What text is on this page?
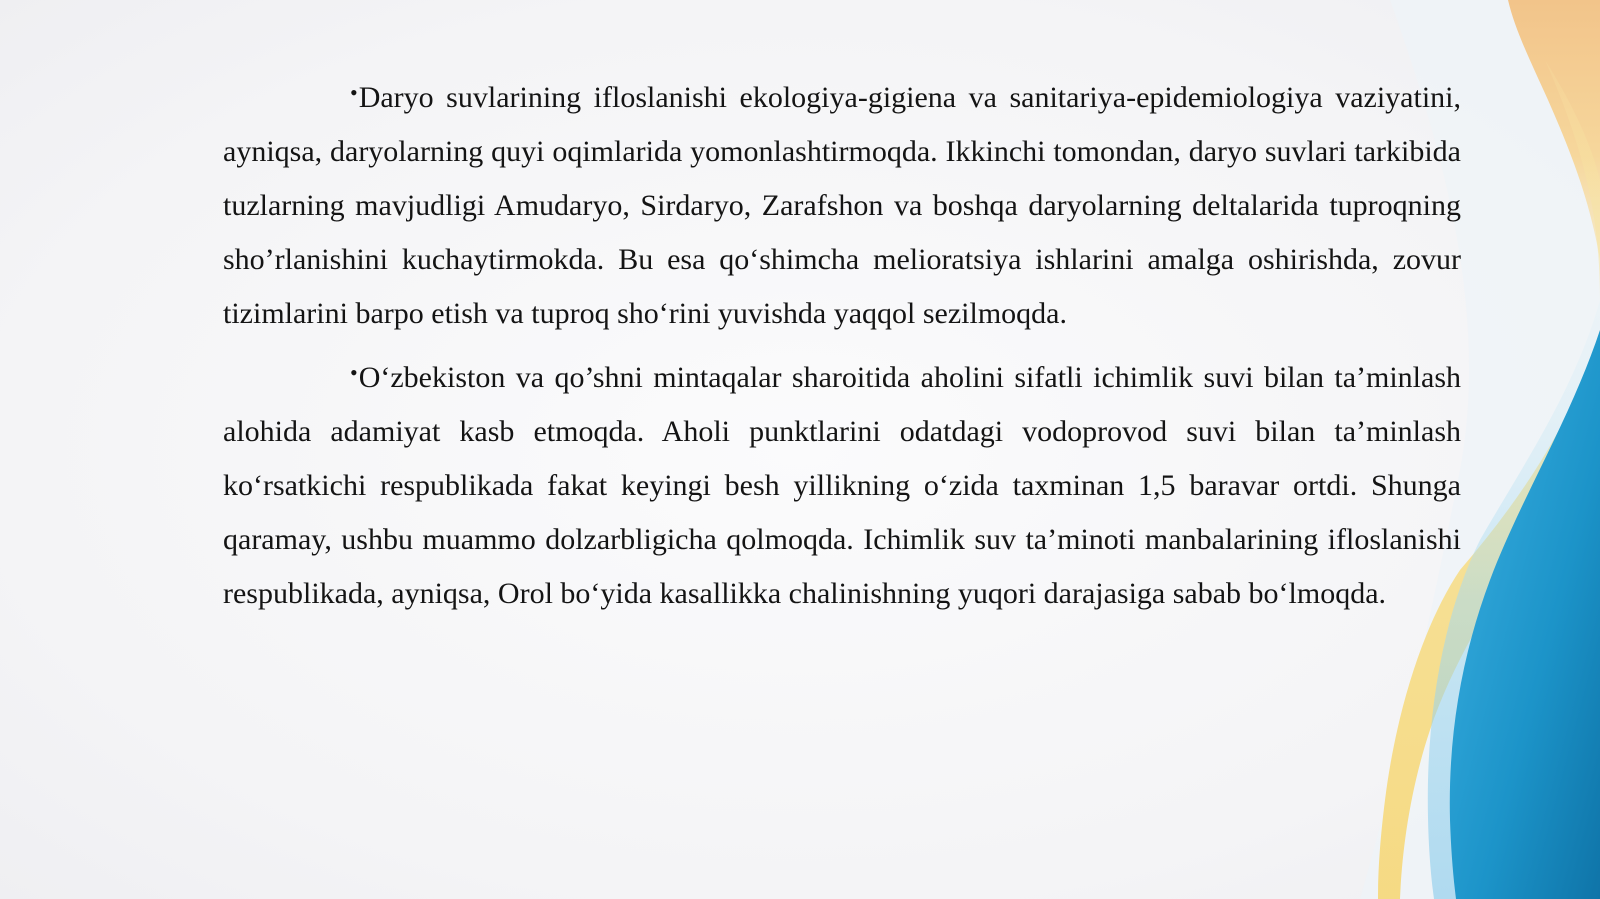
•Daryo suvlarining ifloslanishi ekologiya-gigiena va sanitariya-epidemiologiya vaziyatini, ayniqsa, daryolarning quyi oqimlarida yomonlashtirmoqda. Ikkinchi tomondan, daryo suvlari tarkibida tuzlarning mavjudligi Amudaryo, Sirdaryo, Zarafshon va boshqa daryolarning deltalarida tuproqning sho’rlanishini kuchaytirmokda. Bu esa qo‘shimcha melioratsiya ishlarini amalga oshirishda, zovur tizimlarini barpo etish va tuproq sho‘rini yuvishda yaqqol sezilmoqda.

•O‘zbekiston va qo’shni mintaqalar sharoitida aholini sifatli ichimlik suvi bilan ta’minlash alohida adamiyat kasb etmoqda. Aholi punktlarini odatdagi vodoprovod suvi bilan ta’minlash ko‘rsatkichi respublikada fakat keyingi besh yillikning o‘zida taxminan 1,5 baravar ortdi. Shunga qaramay, ushbu muammo dolzarbligicha qolmoqda. Ichimlik suv ta’minoti manbalarining ifloslanishi respublikada, ayniqsa, Orol bo‘yida kasallikka chalinishning yuqori darajasiga sabab bo‘lmoqda.
